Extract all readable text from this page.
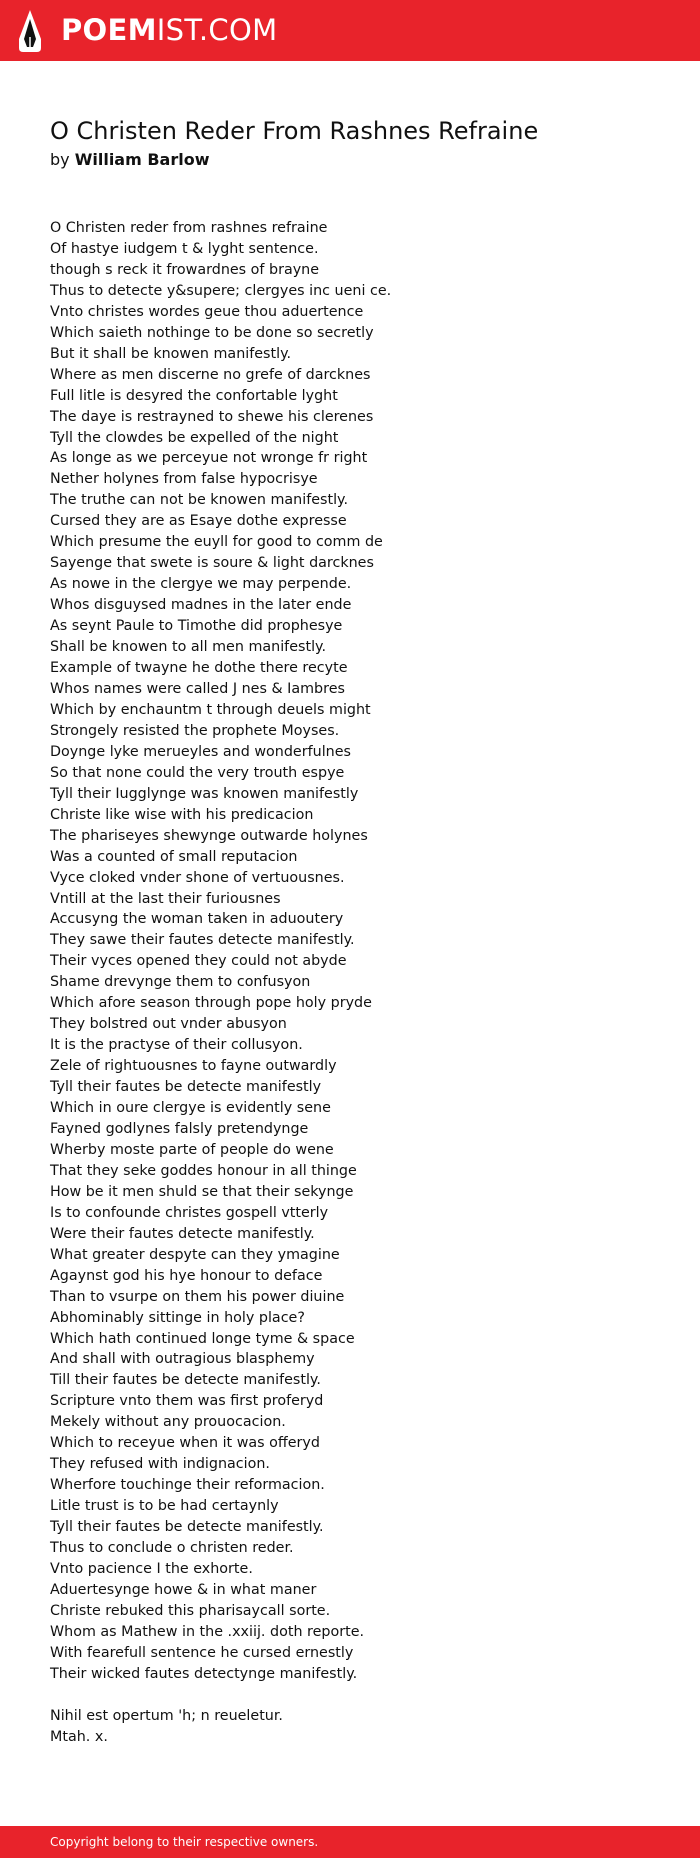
POEMIST.COM
O Christen Reder From Rashnes Refraine
by William Barlow
O Christen reder from rashnes refraine
Of hastye iudgem t & lyght sentence.
though s reck it frowardnes of brayne
Thus to detecte y&supere; clergyes inc ueni ce.
Vnto christes wordes geue thou aduertence
Which saieth nothinge to be done so secretly
But it shall be knowen manifestly.
Where as men discerne no grefe of darcknes
Full litle is desyred the confortable lyght
The daye is restrayned to shewe his clerenes
Tyll the clowdes be expelled of the night
As longe as we perceyue not wronge fr right
Nether holynes from false hypocrisye
The truthe can not be knowen manifestly.
Cursed they are as Esaye dothe expresse
Which presume the euyll for good to comm de
Sayenge that swete is soure & light darcknes
As nowe in the clergye we may perpende.
Whos disguysed madnes in the later ende
As seynt Paule to Timothe did prophesye
Shall be knowen to all men manifestly.
Example of twayne he dothe there recyte
Whos names were called J nes & Iambres
Which by enchauntm t through deuels might
Strongely resisted the prophete Moyses.
Doynge lyke merueyles and wonderfulnes
So that none could the very trouth espye
Tyll their Iugglynge was knowen manifestly
Christe like wise with his predicacion
The phariseyes shewynge outwarde holynes
Was a counted of small reputacion
Vyce cloked vnder shone of vertuousnes.
Vntill at the last their furiousnes
Accusyng the woman taken in aduoutery
They sawe their fautes detecte manifestly.
Their vyces opened they could not abyde
Shame drevynge them to confusyon
Which afore season through pope holy pryde
They bolstred out vnder abusyon
It is the practyse of their collusyon.
Zele of rightuousnes to fayne outwardly
Tyll their fautes be detecte manifestly
Which in oure clergye is evidently sene
Fayned godlynes falsly pretendynge
Wherby moste parte of people do wene
That they seke goddes honour in all thinge
How be it men shuld se that their sekynge
Is to confounde christes gospell vtterly
Were their fautes detecte manifestly.
What greater despyte can they ymagine
Agaynst god his hye honour to deface
Than to vsurpe on them his power diuine
Abhominably sittinge in holy place?
Which hath continued longe tyme & space
And shall with outragious blasphemy
Till their fautes be detecte manifestly.
Scripture vnto them was first proferyd
Mekely without any prouocacion.
Which to receyue when it was offeryd
They refused with indignacion.
Wherfore touchinge their reformacion.
Litle trust is to be had certaynly
Tyll their fautes be detecte manifestly.
Thus to conclude o christen reder.
Vnto pacience I the exhorte.
Aduertesynge howe & in what maner
Christe rebuked this pharisaycall sorte.
Whom as Mathew in the .xxiij. doth reporte.
With fearefull sentence he cursed ernestly
Their wicked fautes detectynge manifestly.
Nihil est opertum 'h; n reueletur.
Mtah. x.
Copyright belong to their respective owners.
